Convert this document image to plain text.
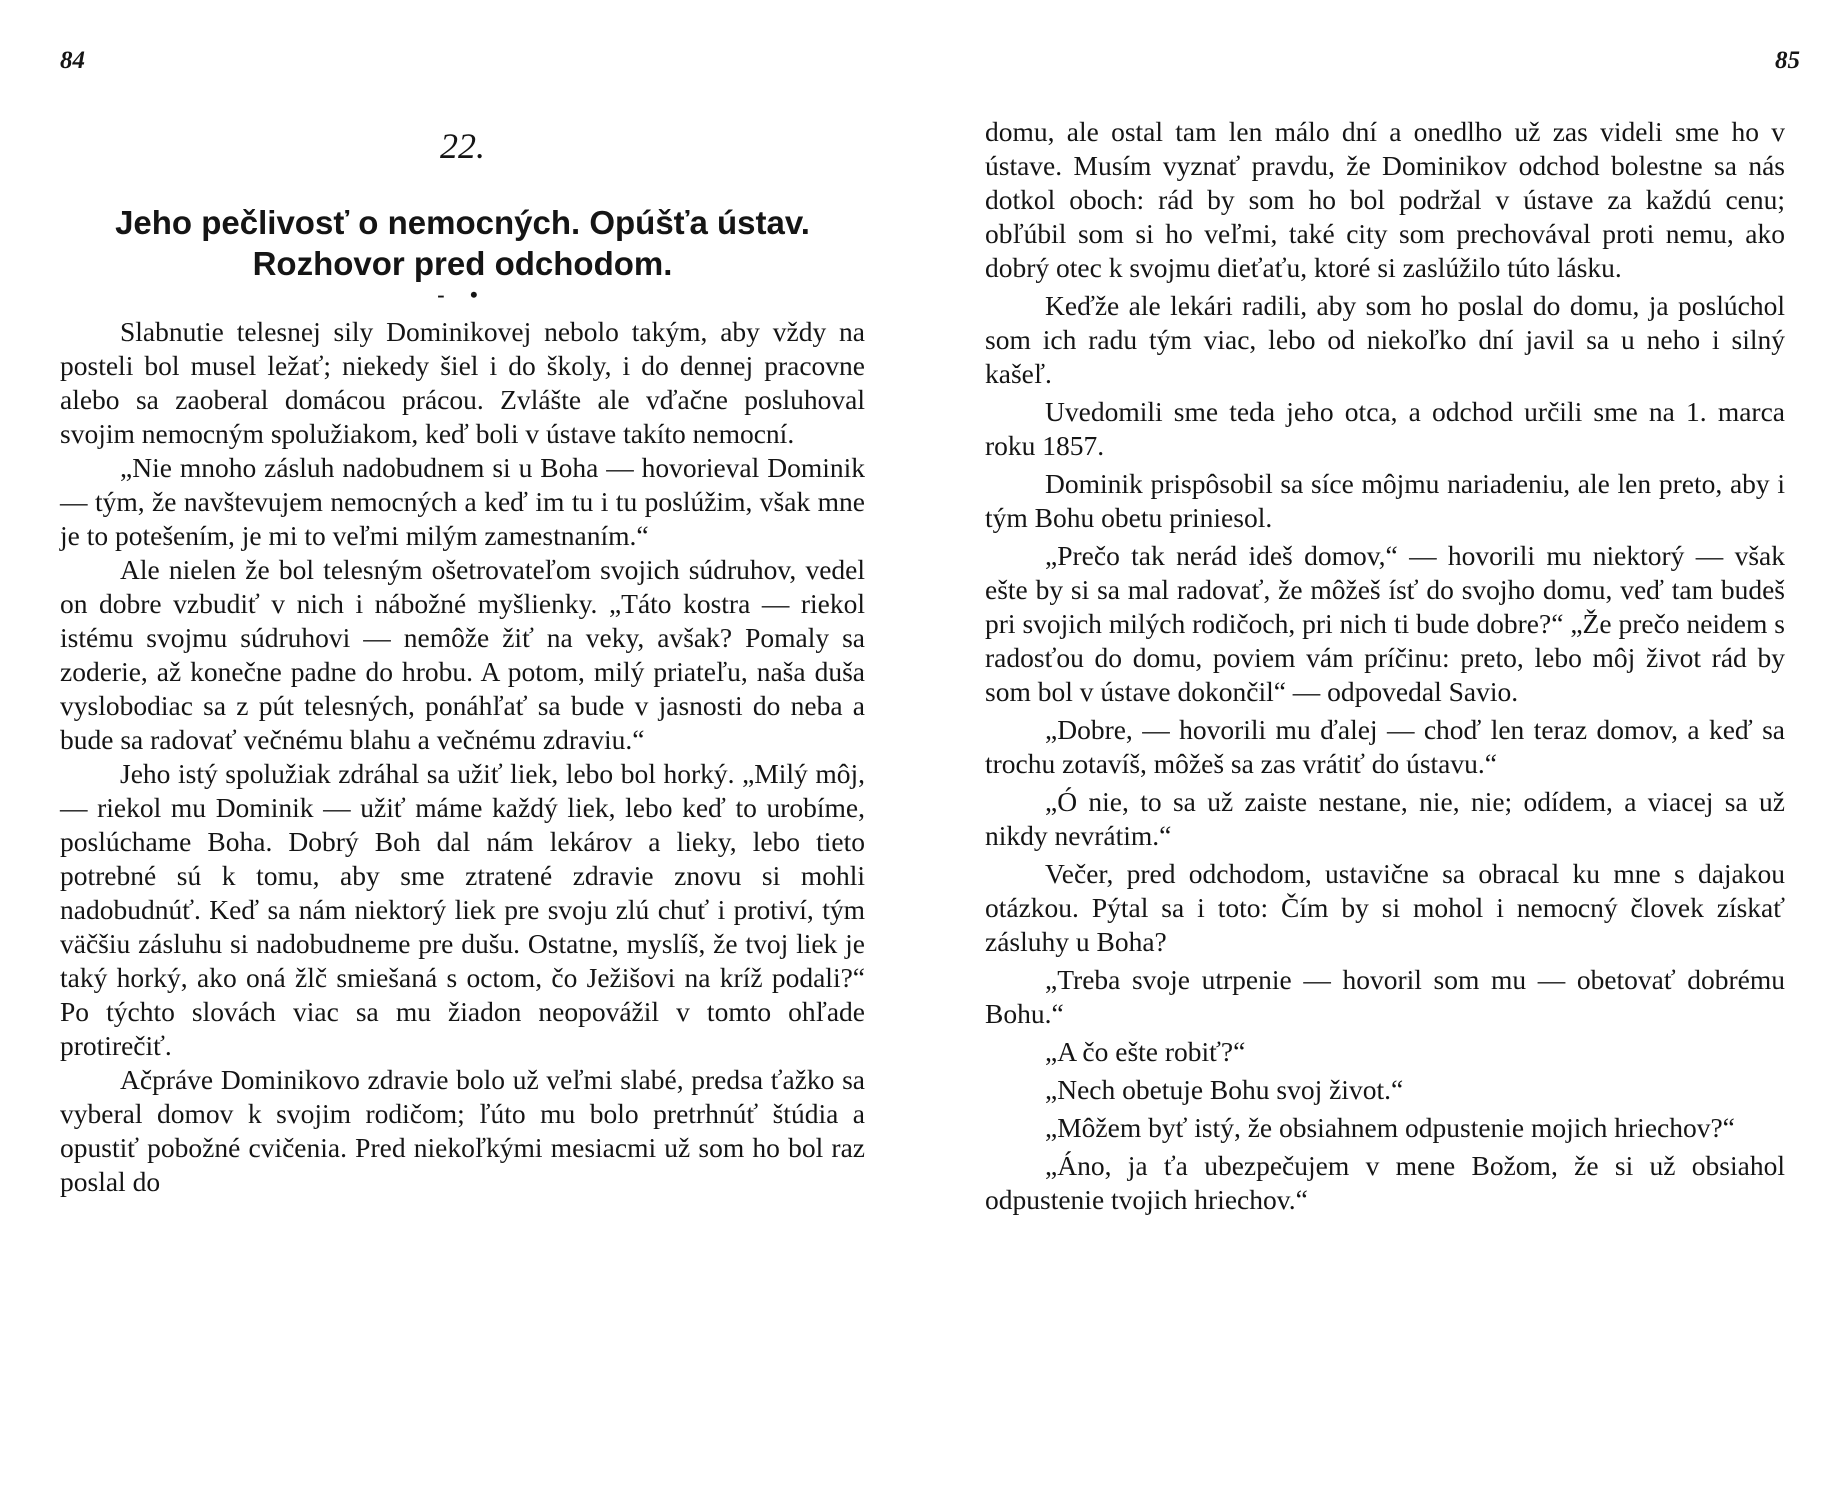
84	85
22.
Jeho pečlivosť o nemocných. Opúšťa ústav.
Rozhovor pred odchodom.
- •

Slabnutie telesnej sily Dominikovej nebolo takým, aby vždy na posteli bol musel ležať; niekedy šiel i do školy, i do dennej pracovne alebo sa zaoberal domácou prácou. Zvlášte ale vďačne posluhoval svojim nemocným spolužiakom, keď boli v ústave takíto nemocní.

„Nie mnoho zásluh nadobudnem si u Boha — hovorieval Dominik — tým, že navštevujem nemocných a keď im tu i tu poslúžim, však mne je to potešením, je mi to veľmi milým zamestnaním.“

Ale nielen že bol telesným ošetrovateľom svojich súdruhov, vedel on dobre vzbudiť v nich i nábožné myšlienky. „Táto kostra — riekol istému svojmu súdruhovi — nemôže žiť na veky, avšak? Pomaly sa zoderie, až konečne padne do hrobu. A potom, milý priateľu, naša duša vyslobodiac sa z pút telesných, ponáhľať sa bude v jasnosti do neba a bude sa radovať večnému blahu a večnému zdraviu.“

Jeho istý spolužiak zdráhal sa užiť liek, lebo bol horký. „Milý môj, — riekol mu Dominik — užiť máme každý liek, lebo keď to urobíme, poslúchame Boha. Dobrý Boh dal nám lekárov a lieky, lebo tieto potrebné sú k tomu, aby sme ztratené zdravie znovu si mohli nadobudnúť. Keď sa nám niektorý liek pre svoju zlú chuť i protiví, tým väčšiu zásluhu si nadobudneme pre dušu. Ostatne, myslíš, že tvoj liek je taký horký, ako oná žlč smiešaná s octom, čo Ježišovi na kríž podali?“ Po týchto slovách viac sa mu žiadon neopovážil v tomto ohľade protirečiť.

Ačpráve Dominikovo zdravie bolo už veľmi slabé, predsa ťažko sa vyberal domov k svojim rodičom; ľúto mu bolo pretrhnúť štúdia a opustiť pobožné cvičenia. Pred niekoľkými mesiacmi už som ho bol raz poslal do

domu, ale ostal tam len málo dní a onedlho už zas videli sme ho v ústave. Musím vyznať pravdu, že Dominikov odchod bolestne sa nás dotkol oboch: rád by som ho bol podržal v ústave za každú cenu; obľúbil som si ho veľmi, také city som prechovával proti nemu, ako dobrý otec k svojmu dieťaťu, ktoré si zaslúžilo túto lásku.

Keďže ale lekári radili, aby som ho poslal do domu, ja poslúchol som ich radu tým viac, lebo od niekoľko dní javil sa u neho i silný kašeľ.

Uvedomili sme teda jeho otca, a odchod určili sme na 1. marca roku 1857.

Dominik prispôsobil sa síce môjmu nariadeniu, ale len preto, aby i tým Bohu obetu priniesol.

„Prečo tak nerád ideš domov,“ — hovorili mu niektorý — však ešte by si sa mal radovať, že môžeš ísť do svojho domu, veď tam budeš pri svojich milých rodičoch, pri nich ti bude dobre?“ „Že prečo neidem s radosťou do domu, poviem vám príčinu: preto, lebo môj život rád by som bol v ústave dokončil“ — odpovedal Savio.

„Dobre, — hovorili mu ďalej — choď len teraz domov, a keď sa trochu zotavíš, môžeš sa zas vrátiť do ústavu.“

„Ó nie, to sa už zaiste nestane, nie, nie; odídem, a viacej sa už nikdy nevrátim.“

Večer, pred odchodom, ustavične sa obracal ku mne s dajakou otázkou. Pýtal sa i toto: Čím by si mohol i nemocný človek získať zásluhy u Boha?

„Treba svoje utrpenie — hovoril som mu — obetovať dobrému Bohu.“

„A čo ešte robiť?“

„Nech obetuje Bohu svoj život.“

„Môžem byť istý, že obsiahnem odpustenie mojich hriechov?“

„Áno, ja ťa ubezpečujem v mene Božom, že si už obsiahol odpustenie tvojich hriechov.“
